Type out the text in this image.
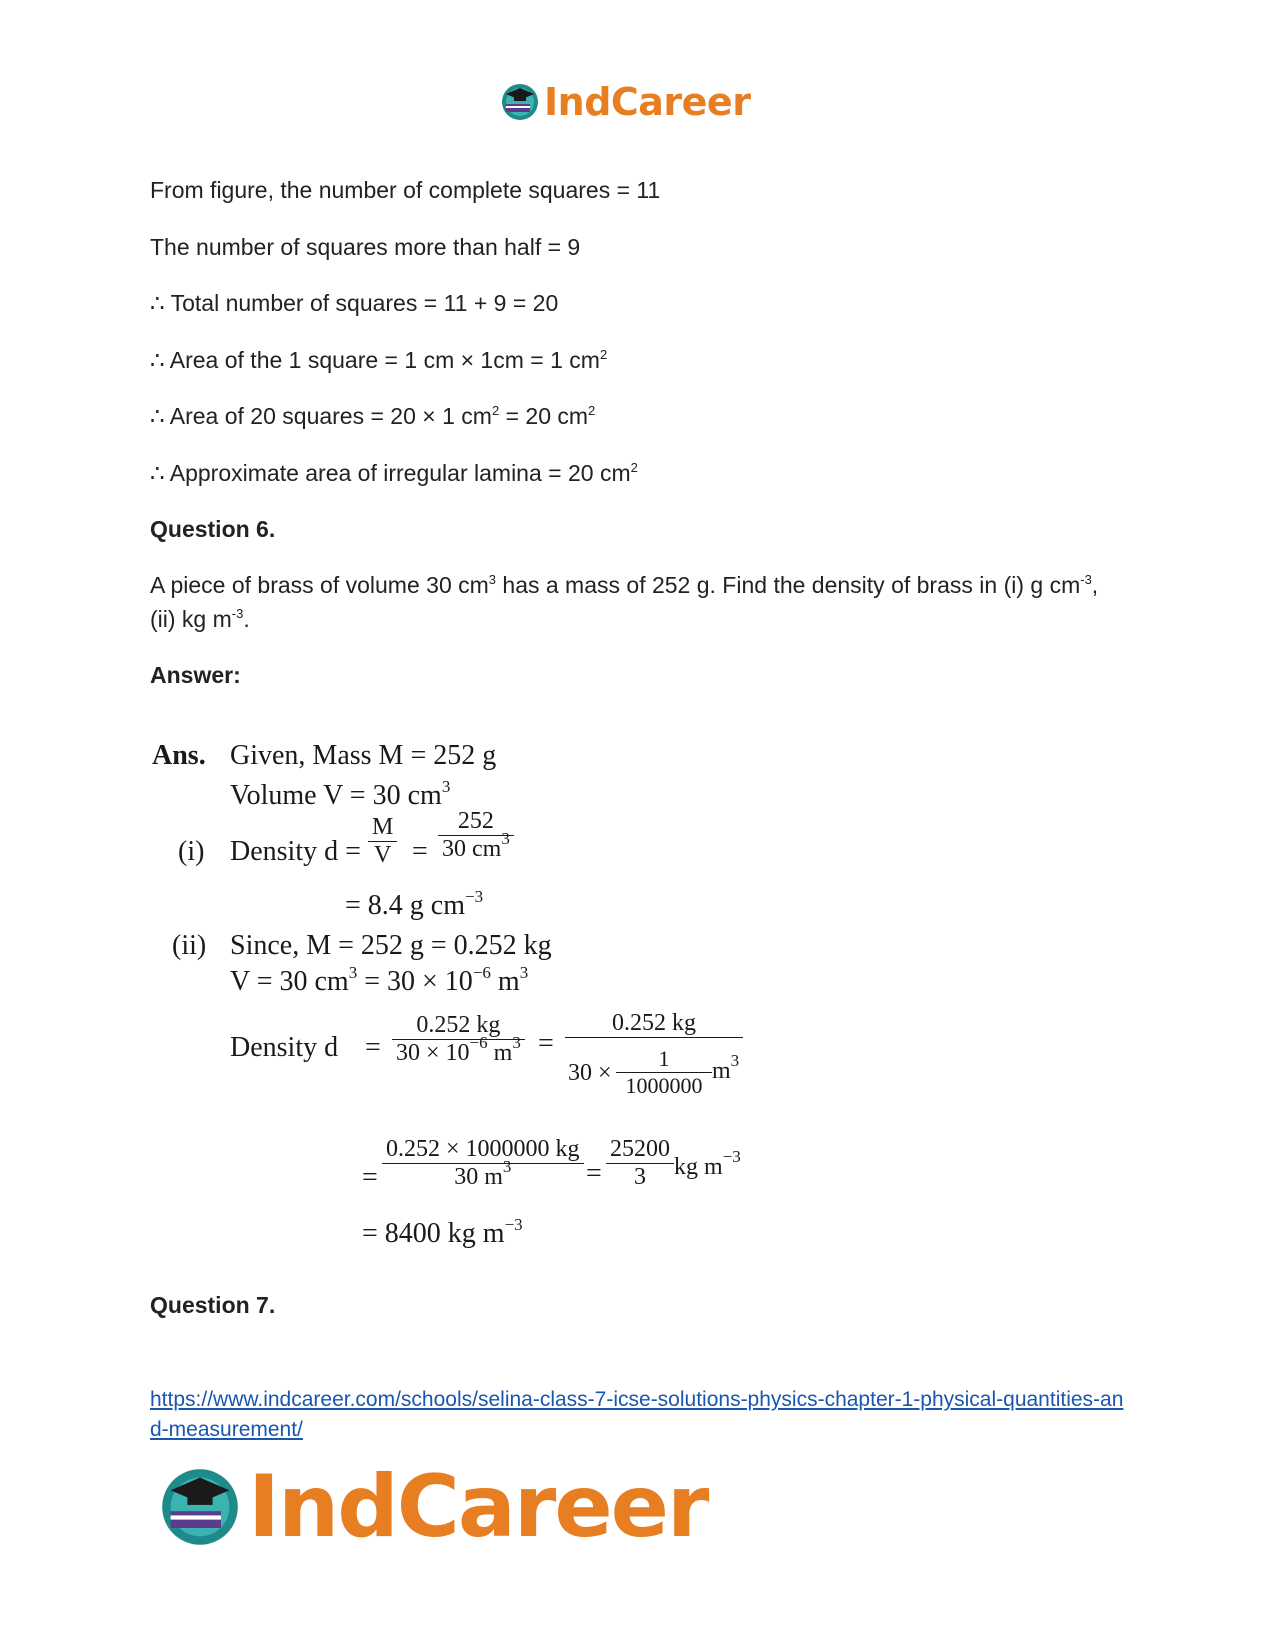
IndCareer
From figure, the number of complete squares = 11
The number of squares more than half = 9
∴ Total number of squares = 11 + 9 = 20
∴ Area of the 1 square = 1 cm × 1cm = 1 $cm^2$
∴ Area of 20 squares = 20 × 1 $cm^2 = 20$ $cm^2$
∴ Approximate area of irregular lamina = 20 $cm^2$
Question 6.
A piece of brass of volume 30 $cm^3$ has a mass of 252 g. Find the density of brass in (i) g $cm^{-3}$, (ii) kg $m^{-3}$.
Answer:
Question 7.
Ans. Given, Mass M = 252 g
Volume V = 30 $cm^3$
(i) Density d =
M
V =
252
30 $cm^3$
= 8.4 g $cm^{-3}$
(ii) Since, M = 252 g = 0.252 kg
V = 30 $cm^3 = 30 \times 10^{-6}$ $m^3$
Density d =
0.252 kg
$30 \times 10^{-6}$ $m^3$ =
0.252 kg
30 ×
1
1000000
$m^3$
=
0.252 × 1000000 kg
30 $m^3$	=
25200
3	kg $m^{-3}$
= 8400 kg $m^{-3}$
https://www.indcareer.com/schools/selina-class-7-icse-solutions-physics-chapter-1-physical-quantities-and-measurement/
IndCareer
